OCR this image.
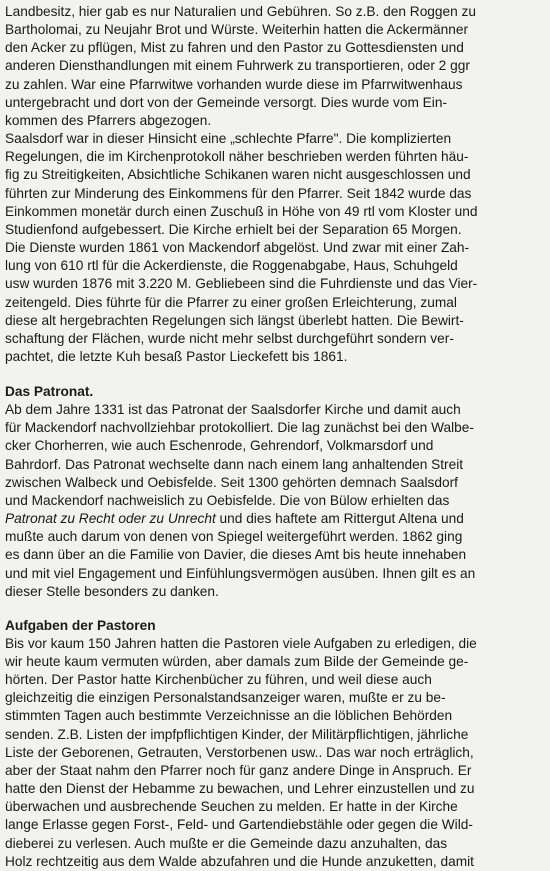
Landbesitz, hier gab es nur Naturalien und Gebühren. So z.B. den Roggen zu
Bartholomai, zu Neujahr Brot und Würste. Weiterhin hatten die Ackermänner
den Acker zu pflügen, Mist zu fahren und den Pastor zu Gottesdiensten und
anderen Diensthandlungen mit einem Fuhrwerk zu transportieren, oder 2 ggr
zu zahlen. War eine Pfarrwitwe vorhanden wurde diese im Pfarrwitwenhaus
untergebracht und dort von der Gemeinde versorgt. Dies wurde vom Ein-
kommen des Pfarrers abgezogen.
Saalsdorf war in dieser Hinsicht eine „schlechte Pfarre". Die komplizierten
Regelungen, die im Kirchenprotokoll näher beschrieben werden führten häu-
fig zu Streitigkeiten, Absichtliche Schikanen waren nicht ausgeschlossen und
führten zur Minderung des Einkommens für den Pfarrer. Seit 1842 wurde das
Einkommen monetär durch einen Zuschuß in Höhe von 49 rtl vom Kloster und
Studienfond aufgebessert. Die Kirche erhielt bei der Separation 65 Morgen.
Die Dienste wurden 1861 von Mackendorf abgelöst. Und zwar mit einer Zah-
lung von 610 rtl für die Ackerdienste, die Roggenabgabe, Haus, Schuhgeld
usw wurden 1876 mit 3.220 M. Gebliebeen sind die Fuhrdienste und das Vier-
zeitengeld. Dies führte für die Pfarrer zu einer großen Erleichterung, zumal
diese alt hergebrachten Regelungen sich längst überlebt hatten. Die Bewirt-
schaftung der Flächen, wurde nicht mehr selbst durchgeführt sondern ver-
pachtet, die letzte Kuh besaß Pastor Lieckefett bis 1861.
Das Patronat.
Ab dem Jahre 1331 ist das Patronat der Saalsdorfer Kirche und damit auch
für Mackendorf nachvollziehbar protokolliert. Die lag zunächst bei den Walbe-
cker Chorherren, wie auch Eschenrode, Gehrendorf, Volkmarsdorf und
Bahrdorf. Das Patronat wechselte dann nach einem lang anhaltenden Streit
zwischen Walbeck und Oebisfelde. Seit 1300 gehörten demnach Saalsdorf
und Mackendorf nachweislich zu Oebisfelde. Die von Bülow erhielten das
Patronat zu Recht oder zu Unrecht und dies haftete am Rittergut Altena und
mußte auch darum von denen von Spiegel weitergeführt werden. 1862 ging
es dann über an die Familie von Davier, die dieses Amt bis heute innehaben
und mit viel Engagement und Einfühlungsvermögen ausüben. Ihnen gilt es an
dieser Stelle besonders zu danken.
Aufgaben der Pastoren
Bis vor kaum 150 Jahren hatten die Pastoren viele Aufgaben zu erledigen, die
wir heute kaum vermuten würden, aber damals zum Bilde der Gemeinde ge-
hörten. Der Pastor hatte Kirchenbücher zu führen, und weil diese auch
gleichzeitig die einzigen Personalstandsanzeiger waren, mußte er zu be-
stimmten Tagen auch bestimmte Verzeichnisse an die löblichen Behörden
senden. Z.B. Listen der impfpflichtigen Kinder, der Militärpflichtigen, jährliche
Liste der Geborenen, Getrauten, Verstorbenen usw.. Das war noch erträglich,
aber der Staat nahm den Pfarrer noch für ganz andere Dinge in Anspruch. Er
hatte den Dienst der Hebamme zu bewachen, und Lehrer einzustellen und zu
überwachen und ausbrechende Seuchen zu melden. Er hatte in der Kirche
lange Erlasse gegen Forst-, Feld- und Gartendiebstähle oder gegen die Wild-
dieberei zu verlesen. Auch mußte er die Gemeinde dazu anzuhalten, das
Holz rechtzeitig aus dem Walde abzufahren und die Hunde anzuketten, damit
